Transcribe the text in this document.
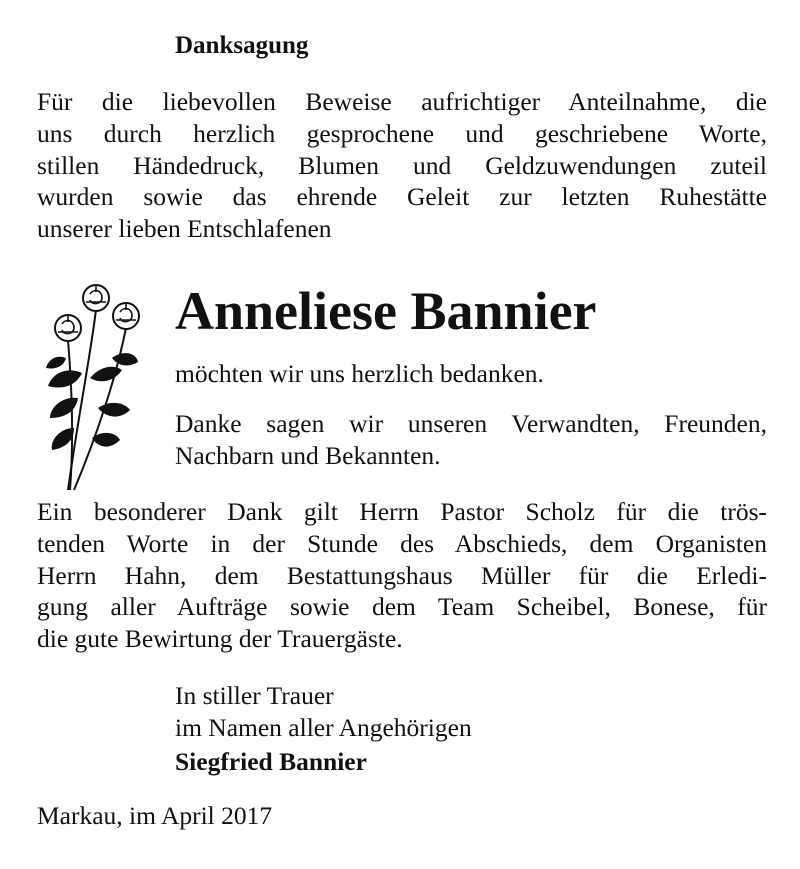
Danksagung

Für die liebevollen Beweise aufrichtiger Anteilnahme, die
uns durch herzlich gesprochene und geschriebene Worte,
stillen Händedruck, Blumen und Geldzuwendungen zuteil
wurden sowie das ehrende Geleit zur letzten Ruhestätte
unserer lieben Entschlafenen

Anneliese Bannier
möchten wir uns herzlich bedanken.
Danke sagen wir unseren Verwandten, Freunden,
Nachbarn und Bekannten.

Ein besonderer Dank gilt Herrn Pastor Scholz für die trös-
tenden Worte in der Stunde des Abschieds, dem Organisten
Herrn Hahn, dem Bestattungshaus Müller für die Erledi-
gung aller Aufträge sowie dem Team Scheibel, Bonese, für
die gute Bewirtung der Trauergäste.

In stiller Trauer
im Namen aller Angehörigen
Siegfried Bannier
Markau, im April 2017
